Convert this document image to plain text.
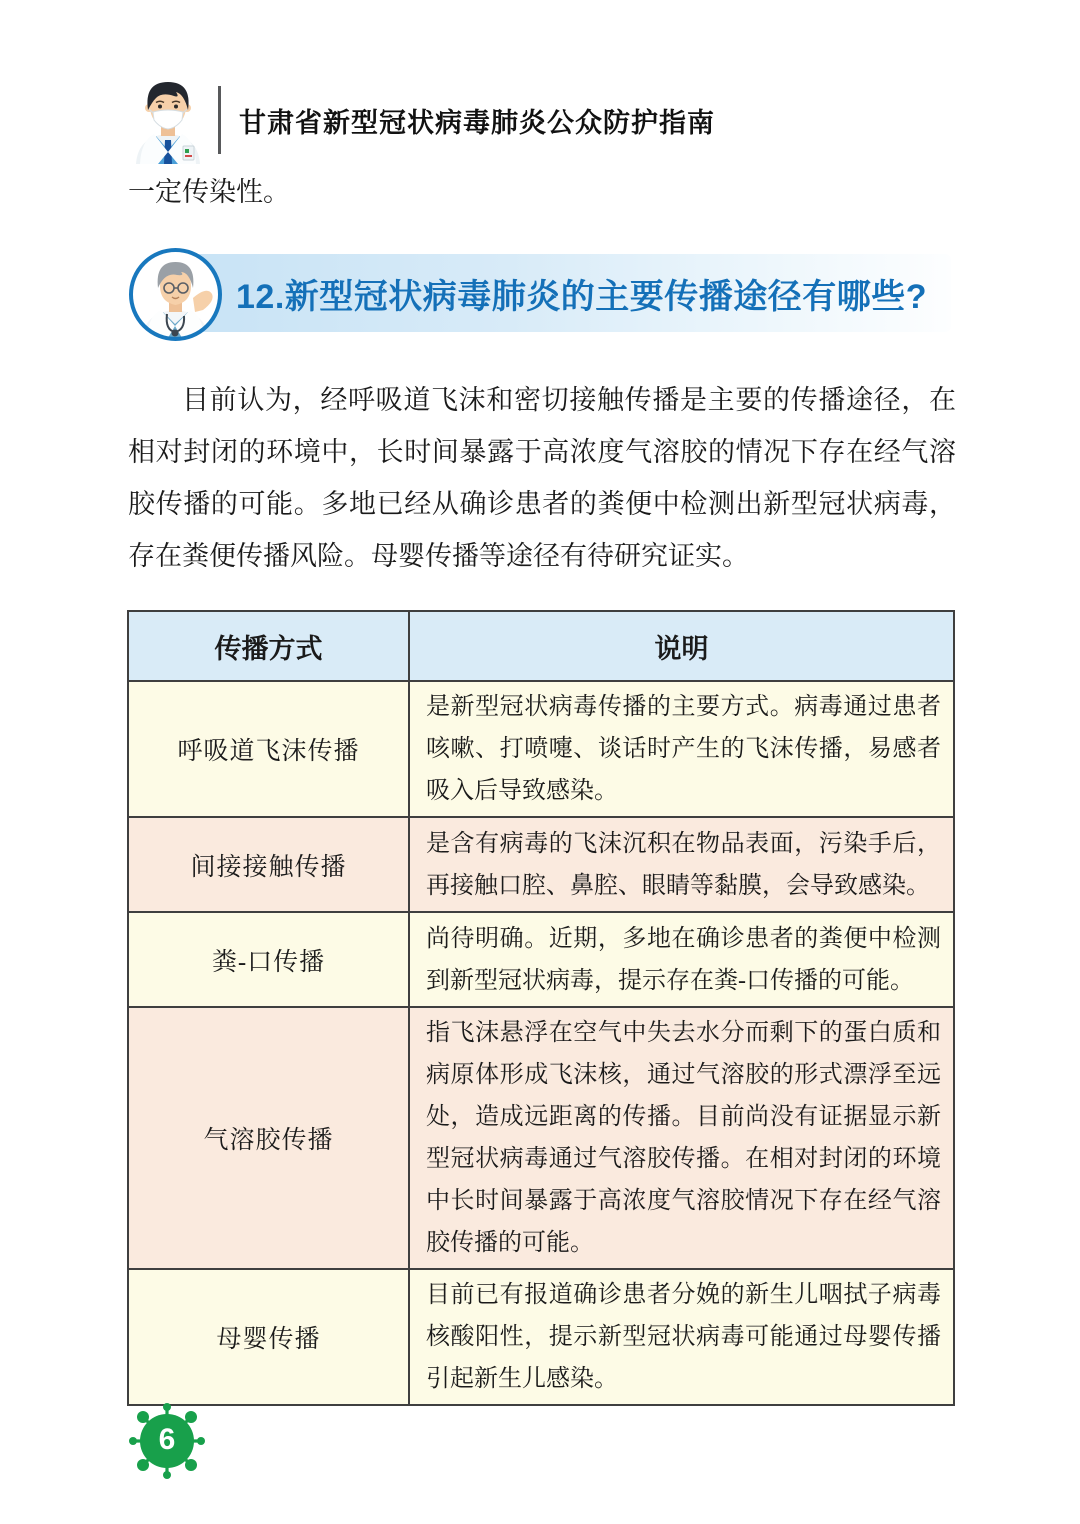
甘肃省新型冠状病毒肺炎公众防护指南

一定传染性。

12.新型冠状病毒肺炎的主要传播途径有哪些?

目前认为，经呼吸道飞沫和密切接触传播是主要的传播途径，在相对封闭的环境中，长时间暴露于高浓度气溶胶的情况下存在经气溶胶传播的可能。多地已经从确诊患者的粪便中检测出新型冠状病毒，存在粪便传播风险。母婴传播等途径有待研究证实。

传播方式	说明
呼吸道飞沫传播	是新型冠状病毒传播的主要方式。病毒通过患者咳嗽、打喷嚏、谈话时产生的飞沫传播，易感者吸入后导致感染。
间接接触传播	是含有病毒的飞沫沉积在物品表面，污染手后，再接触口腔、鼻腔、眼睛等黏膜，会导致感染。
粪-口传播	尚待明确。近期，多地在确诊患者的粪便中检测到新型冠状病毒，提示存在粪-口传播的可能。
气溶胶传播	指飞沫悬浮在空气中失去水分而剩下的蛋白质和病原体形成飞沫核，通过气溶胶的形式漂浮至远处，造成远距离的传播。目前尚没有证据显示新型冠状病毒通过气溶胶传播。在相对封闭的环境中长时间暴露于高浓度气溶胶情况下存在经气溶胶传播的可能。
母婴传播	目前已有报道确诊患者分娩的新生儿咽拭子病毒核酸阳性，提示新型冠状病毒可能通过母婴传播引起新生儿感染。
6
